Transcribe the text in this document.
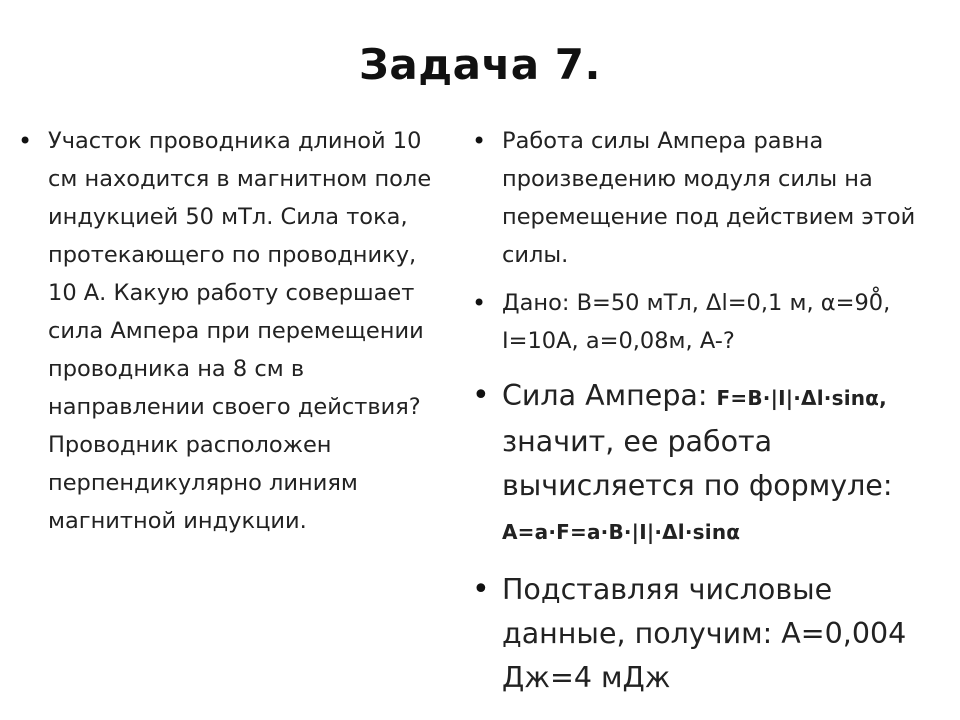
Задача 7.
• Участок проводника длиной 10 см находится в магнитном поле индукцией 50 мТл. Сила тока, протекающего по проводнику, 10 А. Какую работу совершает сила Ампера при перемещении проводника на 8 см в направлении своего действия? Проводник расположен перпендикулярно линиям магнитной индукции.
• Работа силы Ампера равна произведению модуля силы на перемещение под действием этой силы.
• Дано: B=50 мТл, Δl=0,1 м, α=90̊, I=10A, a=0,08м, A-?
• Сила Ампера: F=B·|I|·Δl·sinα, значит, ее работа вычисляется по формуле: A=a·F=a·B·|I|·Δl·sinα
• Подставляя числовые данные, получим: A=0,004 Дж=4 мДж
